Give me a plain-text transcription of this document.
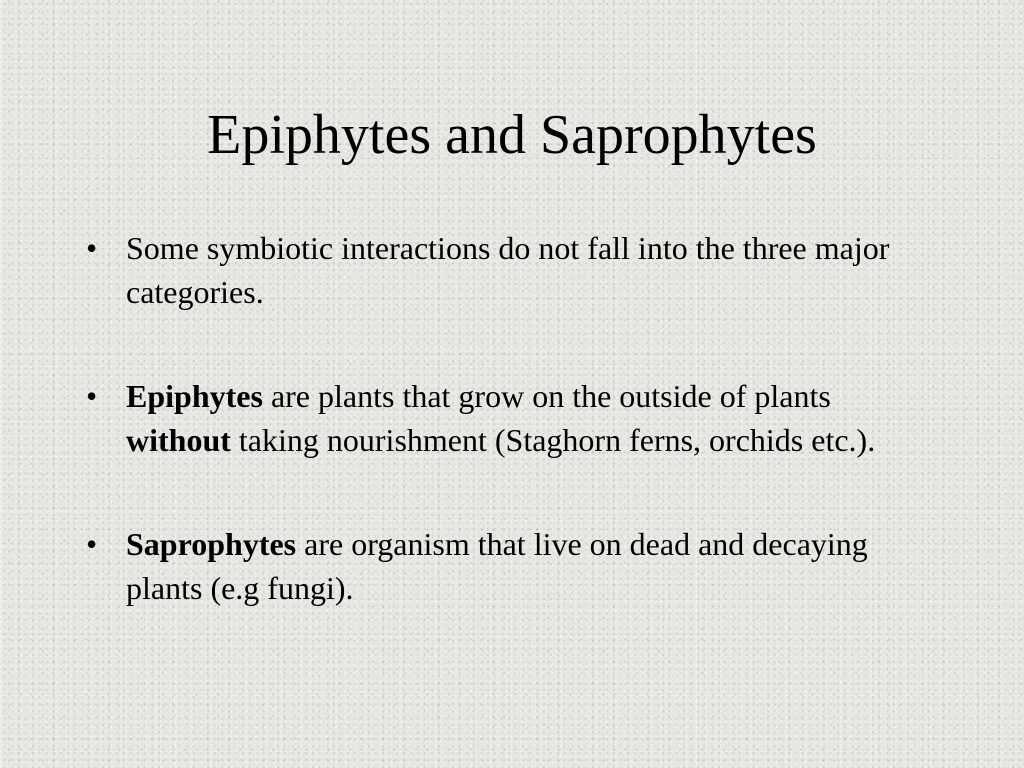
Epiphytes and Saprophytes
• Some symbiotic interactions do not fall into the three major categories.
• Epiphytes are plants that grow on the outside of plants without taking nourishment (Staghorn ferns, orchids etc.).
• Saprophytes are organism that live on dead and decaying plants (e.g fungi).
